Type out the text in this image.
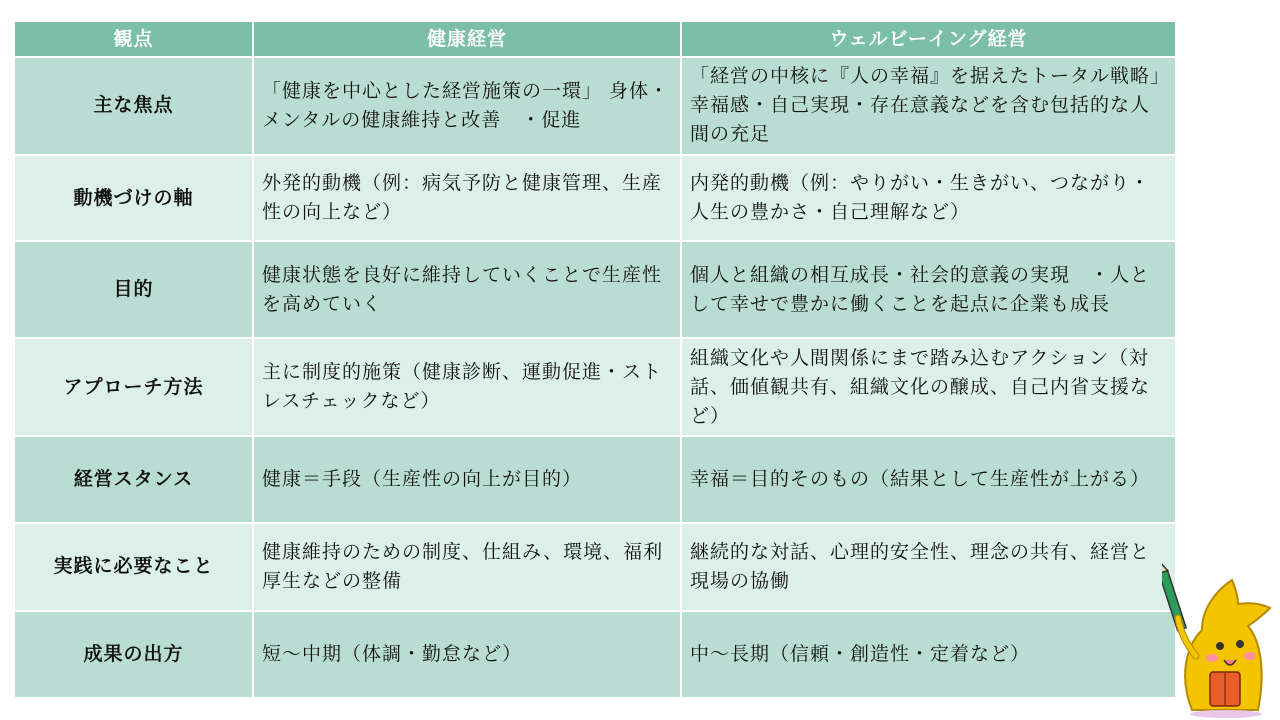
観点	健康経営	ウェルビーイング経営
主な焦点	「健康を中心とした経営施策の一環」 身体・メンタルの健康維持と改善　・促進	「経営の中核に『人の幸福』を据えたトータル戦略」　幸福感・自己実現・存在意義などを含む包括的な人間の充足
動機づけの軸	外発的動機（例：病気予防と健康管理、生産性の向上など）	内発的動機（例：やりがい・生きがい、つながり・人生の豊かさ・自己理解など）
目的	健康状態を良好に維持していくことで生産性を高めていく	個人と組織の相互成長・社会的意義の実現　・人として幸せで豊かに働くことを起点に企業も成長
アプローチ方法	主に制度的施策（健康診断、運動促進・ストレスチェックなど）	組織文化や人間関係にまで踏み込むアクション（対話、価値観共有、組織文化の醸成、自己内省支援など）
経営スタンス	健康＝手段（生産性の向上が目的）	幸福＝目的そのもの（結果として生産性が上がる）
実践に必要なこと	健康維持のための制度、仕組み、環境、福利厚生などの整備	継続的な対話、心理的安全性、理念の共有、経営と現場の協働
成果の出方	短～中期（体調・勤怠など）	中～長期（信頼・創造性・定着など）
